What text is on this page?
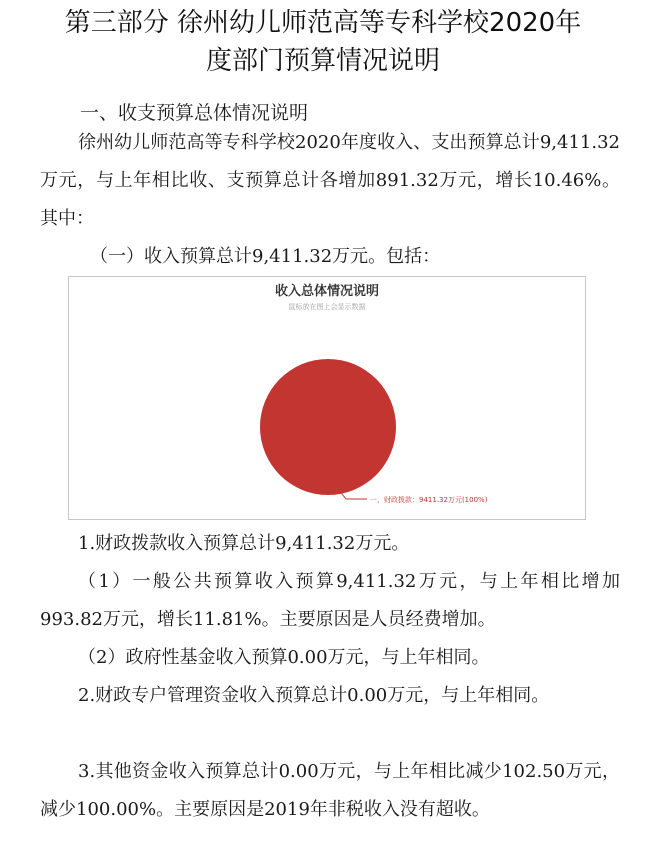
第三部分 徐州幼儿师范高等专科学校2020年
度部门预算情况说明
一、收支预算总体情况说明
徐州幼儿师范高等专科学校2020年度收入、支出预算总计9,411.32万元，与上年相比收、支预算总计各增加891.32万元，增长10.46%。其中：
（一）收入预算总计9,411.32万元。包括：
收入总体情况说明
鼠标放在图上会显示数据
一、财政拨款：9411.32万元(100%)
1.财政拨款收入预算总计9,411.32万元。
（1）一般公共预算收入预算9,411.32万元，与上年相比增加993.82万元，增长11.81%。主要原因是人员经费增加。
（2）政府性基金收入预算0.00万元，与上年相同。
2.财政专户管理资金收入预算总计0.00万元，与上年相同。
3.其他资金收入预算总计0.00万元，与上年相比减少102.50万元，减少100.00%。主要原因是2019年非税收入没有超收。
